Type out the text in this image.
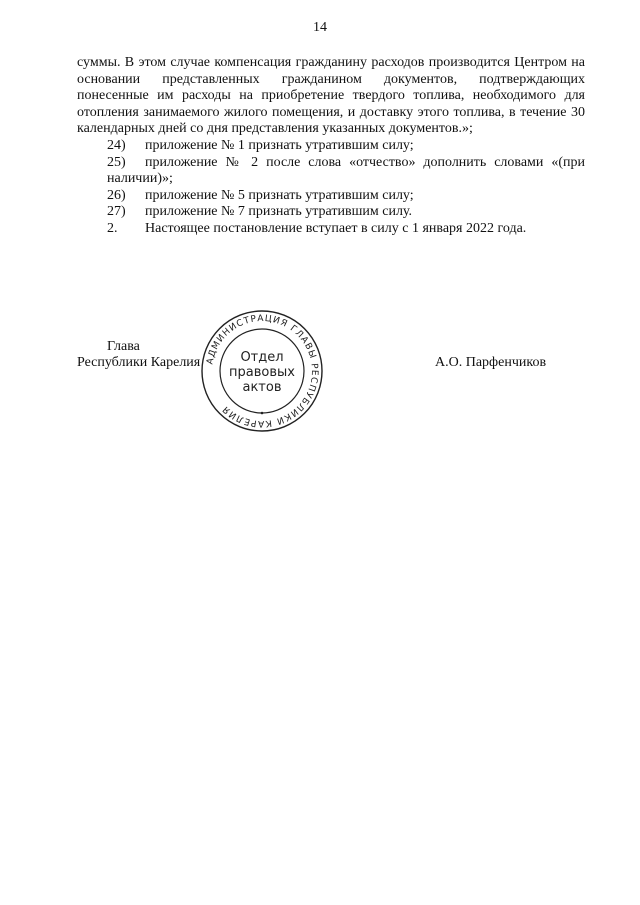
14

суммы. В этом случае компенсация гражданину расходов производится Центром на основании представленных гражданином документов, подтверждающих понесенные им расходы на приобретение твердого топлива, необходимого для отопления занимаемого жилого помещения, и доставку этого топлива, в течение 30 календарных дней со дня представления указанных документов.»;

24) приложение № 1 признать утратившим силу;

25) приложение № 2 после слова «отчество» дополнить словами «(при наличии)»;

26) приложение № 5 признать утратившим силу;

27) приложение № 7 признать утратившим силу.

2. Настоящее постановление вступает в силу с 1 января 2022 года.

Глава
Республики Карелия	А.О. Парфенчиков
АДМИНИСТРАЦИЯ ГЛАВЫ РЕСПУБЛИКИ КАРЕЛИЯ
Отдел
правовых
актов
